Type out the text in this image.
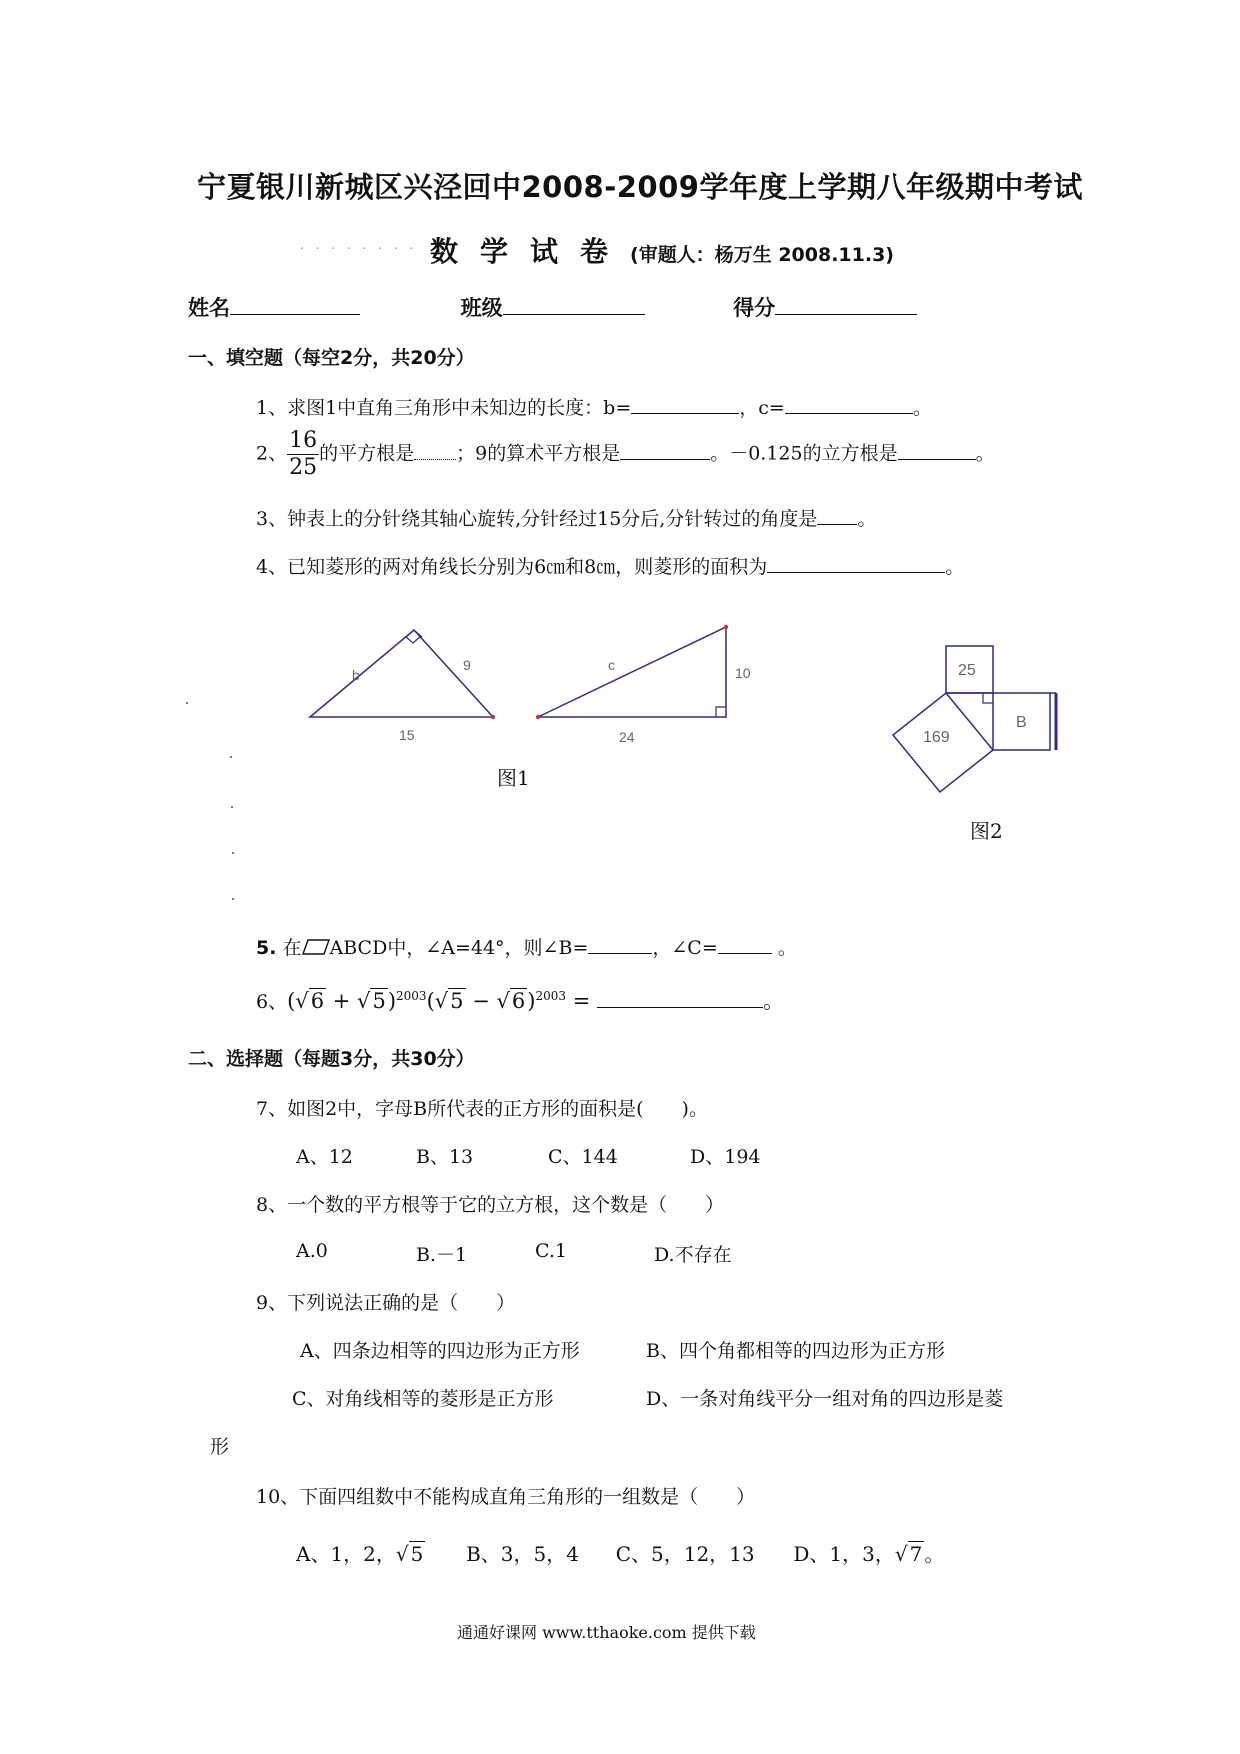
宁夏银川新城区兴泾回中2008-2009学年度上学期八年级期中考试
. . . . . . . . 数学试卷(审题人：杨万生 2008.11.3)
姓名	班级	得分
一、填空题（每空2分，共20分）
1、求图1中直角三角形中未知边的长度：b=	，c=	。
2、 $\frac{16}{25}$ 的平方根是 ；9的算术平方根是	。－0.125的立方根是	。
3、钟表上的分针绕其轴心旋转,分针经过15分后,分针转过的角度是 。
4、已知菱形的两对角线长分别为6㎝和8㎝，则菱形的面积为	。
b
9
15
c	10
24
图1
25
169
B
图2
5. 在 ABCD中，∠A=44°，则∠B=	，∠C=	。
6、$(√6 + √5)^{2003}(√5 - √6)^{2003}$ =	。
二、选择题（每题3分，共30分）
7、如图2中，字母B所代表的正方形的面积是(　　)。
A、12	B、13	C、144	D、194
8、一个数的平方根等于它的立方根，这个数是（　　）
A.0	B.－1	C.1	D.不存在
9、下列说法正确的是（　　）
A、四条边相等的四边形为正方形	B、四个角都相等的四边形为正方形
C、对角线相等的菱形是正方形	D、一条对角线平分一组对角的四边形是菱
形
10、下面四组数中不能构成直角三角形的一组数是（　　）
A、1，2，√ 5 B、3，5，4 C、5，12，13 D、1，3，√ 7 。
通通好课网 www.tthaoke.com 提供下载
